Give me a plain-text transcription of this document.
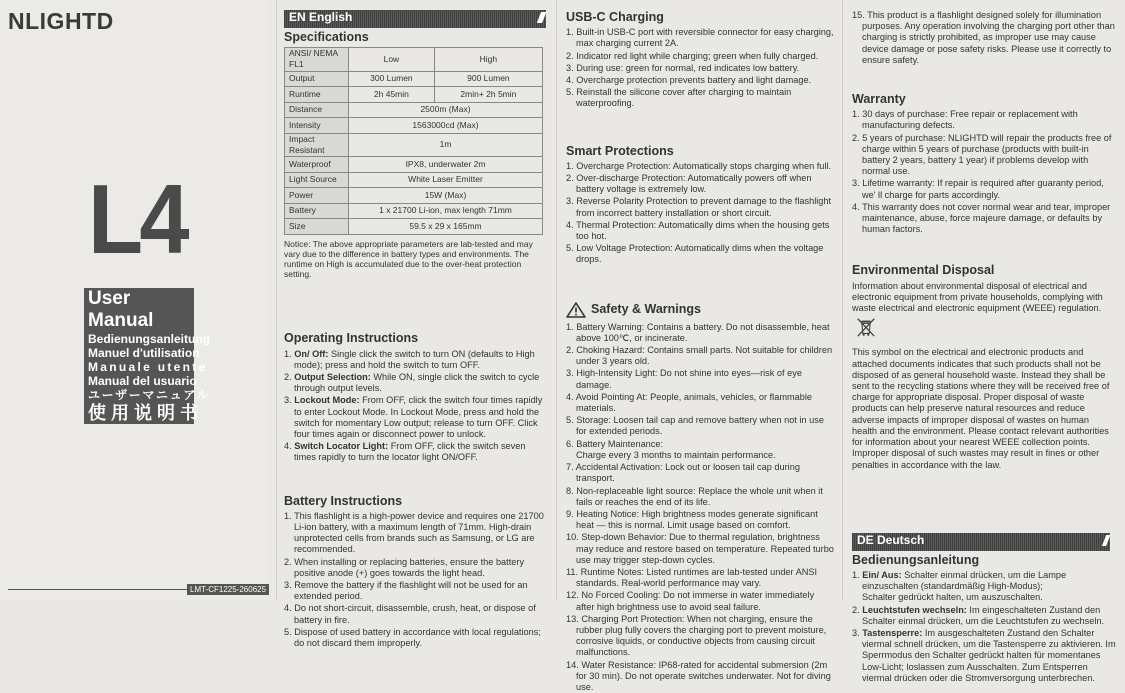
NLIGHTD
L4
User Manual
Bedienungsanleitung
Manuel d'utilisation
Manuale utente
Manual del usuario
ユーザーマニュアル
使用说明书
LMT-CF1225-260625
EN English	////
Specifications
ANSI/ NEMA FL1	Low	High
Output	300 Lumen	900 Lumen
Runtime	2h 45min	2min+ 2h 5min
Distance	2500m (Max)	
Intensity	1563000cd (Max)	
Impact Resistant	1m	
Waterproof	IPX8, underwater 2m	
Light Source	White Laser Emitter	
Power	15W (Max)	
Battery	1 x 21700 Li-ion, max length 71mm	
Size	59.5 x 29 x 165mm	

Notice: The above appropriate parameters are lab-tested and may vary due to the difference in battery types and environments. The runtime on High is accumulated due to the over-heat protection setting.

Operating Instructions
1. On/ Off: Single click the switch to turn ON (defaults to High mode); press and hold the switch to turn OFF.
2. Output Selection: While ON, single click the switch to cycle through output levels.
3. Lockout Mode: From OFF, click the switch four times rapidly to enter Lockout Mode. In Lockout Mode, press and hold the switch for momentary Low output; release to turn OFF. Click four times again or disconnect power to unlock.
4. Switch Locator Light: From OFF, click the switch seven times rapidly to turn the locator light ON/OFF.
Battery Instructions
1. This flashlight is a high-power device and requires one 21700 Li-ion battery, with a maximum length of 71mm. High-drain unprotected cells from brands such as Samsung, or LG are recommended.
2. When installing or replacing batteries, ensure the battery positive anode (+) goes towards the light head.
3. Remove the battery if the flashlight will not be used for an extended period.
4. Do not short-circuit, disassemble, crush, heat, or dispose of battery in fire.
5. Dispose of used battery in accordance with local regulations; do not discard them improperly.
USB-C Charging
1. Built-in USB-C port with reversible connector for easy charging, max charging current 2A.
2. Indicator red light while charging; green when fully charged.
3. During use: green for normal, red indicates low battery.
4. Overcharge protection prevents battery and light damage.
5. Reinstall the silicone cover after charging to maintain waterproofing.
Smart Protections
1. Overcharge Protection: Automatically stops charging when full.
2. Over-discharge Protection: Automatically powers off when battery voltage is extremely low.
3. Reverse Polarity Protection to prevent damage to the flashlight from incorrect battery installation or short circuit.
4. Thermal Protection: Automatically dims when the housing gets too hot.
5. Low Voltage Protection: Automatically dims when the voltage drops.
Safety & Warnings
1. Battery Warning: Contains a battery. Do not disassemble, heat above 100℃, or incinerate.
2. Choking Hazard: Contains small parts. Not suitable for children under 3 years old.
3. High-Intensity Light: Do not shine into eyes—risk of eye damage.
4. Avoid Pointing At: People, animals, vehicles, or flammable materials.
5. Storage: Loosen tail cap and remove battery when not in use for extended periods.
6. Battery Maintenance:
Charge every 3 months to maintain performance.
7. Accidental Activation: Lock out or loosen tail cap during transport.
8. Non-replaceable light source: Replace the whole unit when it fails or reaches the end of its life.
9. Heating Notice: High brightness modes generate significant heat — this is normal. Limit usage based on comfort.
10. Step-down Behavior: Due to thermal regulation, brightness may reduce and restore based on temperature. Repeated turbo use may trigger step-down cycles.
11. Runtime Notes: Listed runtimes are lab-tested under ANSI standards. Real-world performance may vary.
12. No Forced Cooling: Do not immerse in water immediately after high brightness use to avoid seal failure.
13. Charging Port Protection: When not charging, ensure the rubber plug fully covers the charging port to prevent moisture, corrosive liquids, or conductive objects from causing circuit malfunctions.
14. Water Resistance: IP68-rated for accidental submersion (2m for 30 min). Do not operate switches underwater. Not for diving use.
15. This product is a flashlight designed solely for illumination purposes. Any operation involving the charging port other than charging is strictly prohibited, as improper use may cause device damage or pose safety risks. Please use it correctly to ensure safety.
Warranty
1. 30 days of purchase: Free repair or replacement with manufacturing defects.
2. 5 years of purchase: NLIGHTD will repair the products free of charge within 5 years of purchase (products with built-in battery 2 years, battery 1 year) if problems develop with normal use.
3. Lifetime warranty: If repair is required after guaranty period, we' ll charge for parts accordingly.
4. This warranty does not cover normal wear and tear, improper maintenance, abuse, force majeure damage, or defaults by human factors.
Environmental Disposal

Information about environmental disposal of electrical and electronic equipment from private households, complying with waste electrical and electronic equipment (WEEE) regulation.

This symbol on the electrical and electronic products and attached documents indicates that such products shall not be disposed of as general household waste. Instead they shall be sent to the recycling stations where they will be received free of charge for appropriate disposal. Proper disposal of waste products can help preserve natural resources and reduce adverse impacts of improper disposal of wastes on human health and the environment. Please contact relevant authorities for information about your nearest WEEE collection points. Improper disposal of such wastes may result in fines or other penalties in accordance with the law.

DE Deutsch	///
Bedienungsanleitung
1. Ein/ Aus: Schalter einmal drücken, um die Lampe einzuschalten (standardmäßig High-Modus);
Schalter gedrückt halten, um auszuschalten.
2. Leuchtstufen wechseln: Im eingeschalteten Zustand den Schalter einmal drücken, um die Leuchtstufen zu wechseln.
3. Tastensperre: Im ausgeschalteten Zustand den Schalter viermal schnell drücken, um die Tastensperre zu aktivieren. Im Sperrmodus den Schalter gedrückt halten für momentanes Low-Licht; loslassen zum Ausschalten. Zum Entsperren viermal drücken oder die Stromversorgung unterbrechen.
